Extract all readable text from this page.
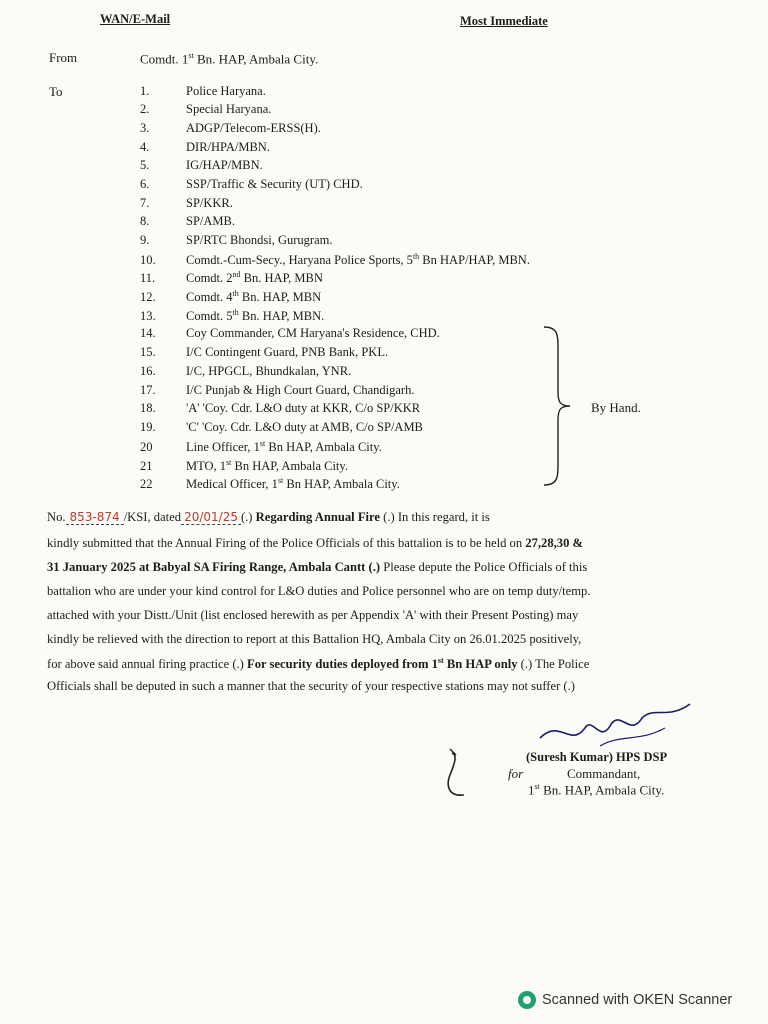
WAN/E-Mail	Most Immediate
From	Comdt. 1st Bn. HAP, Ambala City.
To	1.	Police Haryana.
2.	Special Haryana.
3.	ADGP/Telecom-ERSS(H).
4.	DIR/HPA/MBN.
5.	IG/HAP/MBN.
6.	SSP/Traffic & Security (UT) CHD.
7.	SP/KKR.
8.	SP/AMB.
9.	SP/RTC Bhondsi, Gurugram.
10. Comdt.-Cum-Secy., Haryana Police Sports, 5th Bn HAP/HAP, MBN.
11. Comdt. 2nd Bn. HAP, MBN
12. Comdt. 4th Bn. HAP, MBN
13. Comdt. 5th Bn. HAP, MBN.
14. Coy Commander, CM Haryana's Residence, CHD.
15. I/C Contingent Guard, PNB Bank, PKL.
16. I/C, HPGCL, Bhundkalan, YNR.
17. I/C Punjab & High Court Guard, Chandigarh.
18. 'A' 'Coy. Cdr. L&O duty at KKR, C/o SP/KKR
19. 'C' 'Coy. Cdr. L&O duty at AMB, C/o SP/AMB
20	Line Officer, 1st Bn HAP, Ambala City.
21	MTO, 1st Bn HAP, Ambala City.
22	Medical Officer, 1st Bn HAP, Ambala City.
By Hand.
No. 853-874 /KSI, dated 20/01/25 (.) Regarding Annual Fire (.) In this regard, it is
kindly submitted that the Annual Firing of the Police Officials of this battalion is to be held on 27,28,30 &
31 January 2025 at Babyal SA Firing Range, Ambala Cantt (.) Please depute the Police Officials of this
battalion who are under your kind control for L&O duties and Police personnel who are on temp duty/temp.
attached with your Distt./Unit (list enclosed herewith as per Appendix 'A' with their Present Posting) may
kindly be relieved with the direction to report at this Battalion HQ, Ambala City on 26.01.2025 positively,
for above said annual firing practice (.) For security duties deployed from 1st Bn HAP only (.) The Police
Officials shall be deputed in such a manner that the security of your respective stations may not suffer (.)
(Suresh Kumar) HPS DSP
for	Commandant,
1st Bn. HAP, Ambala City.
Scanned with OKEN Scanner
